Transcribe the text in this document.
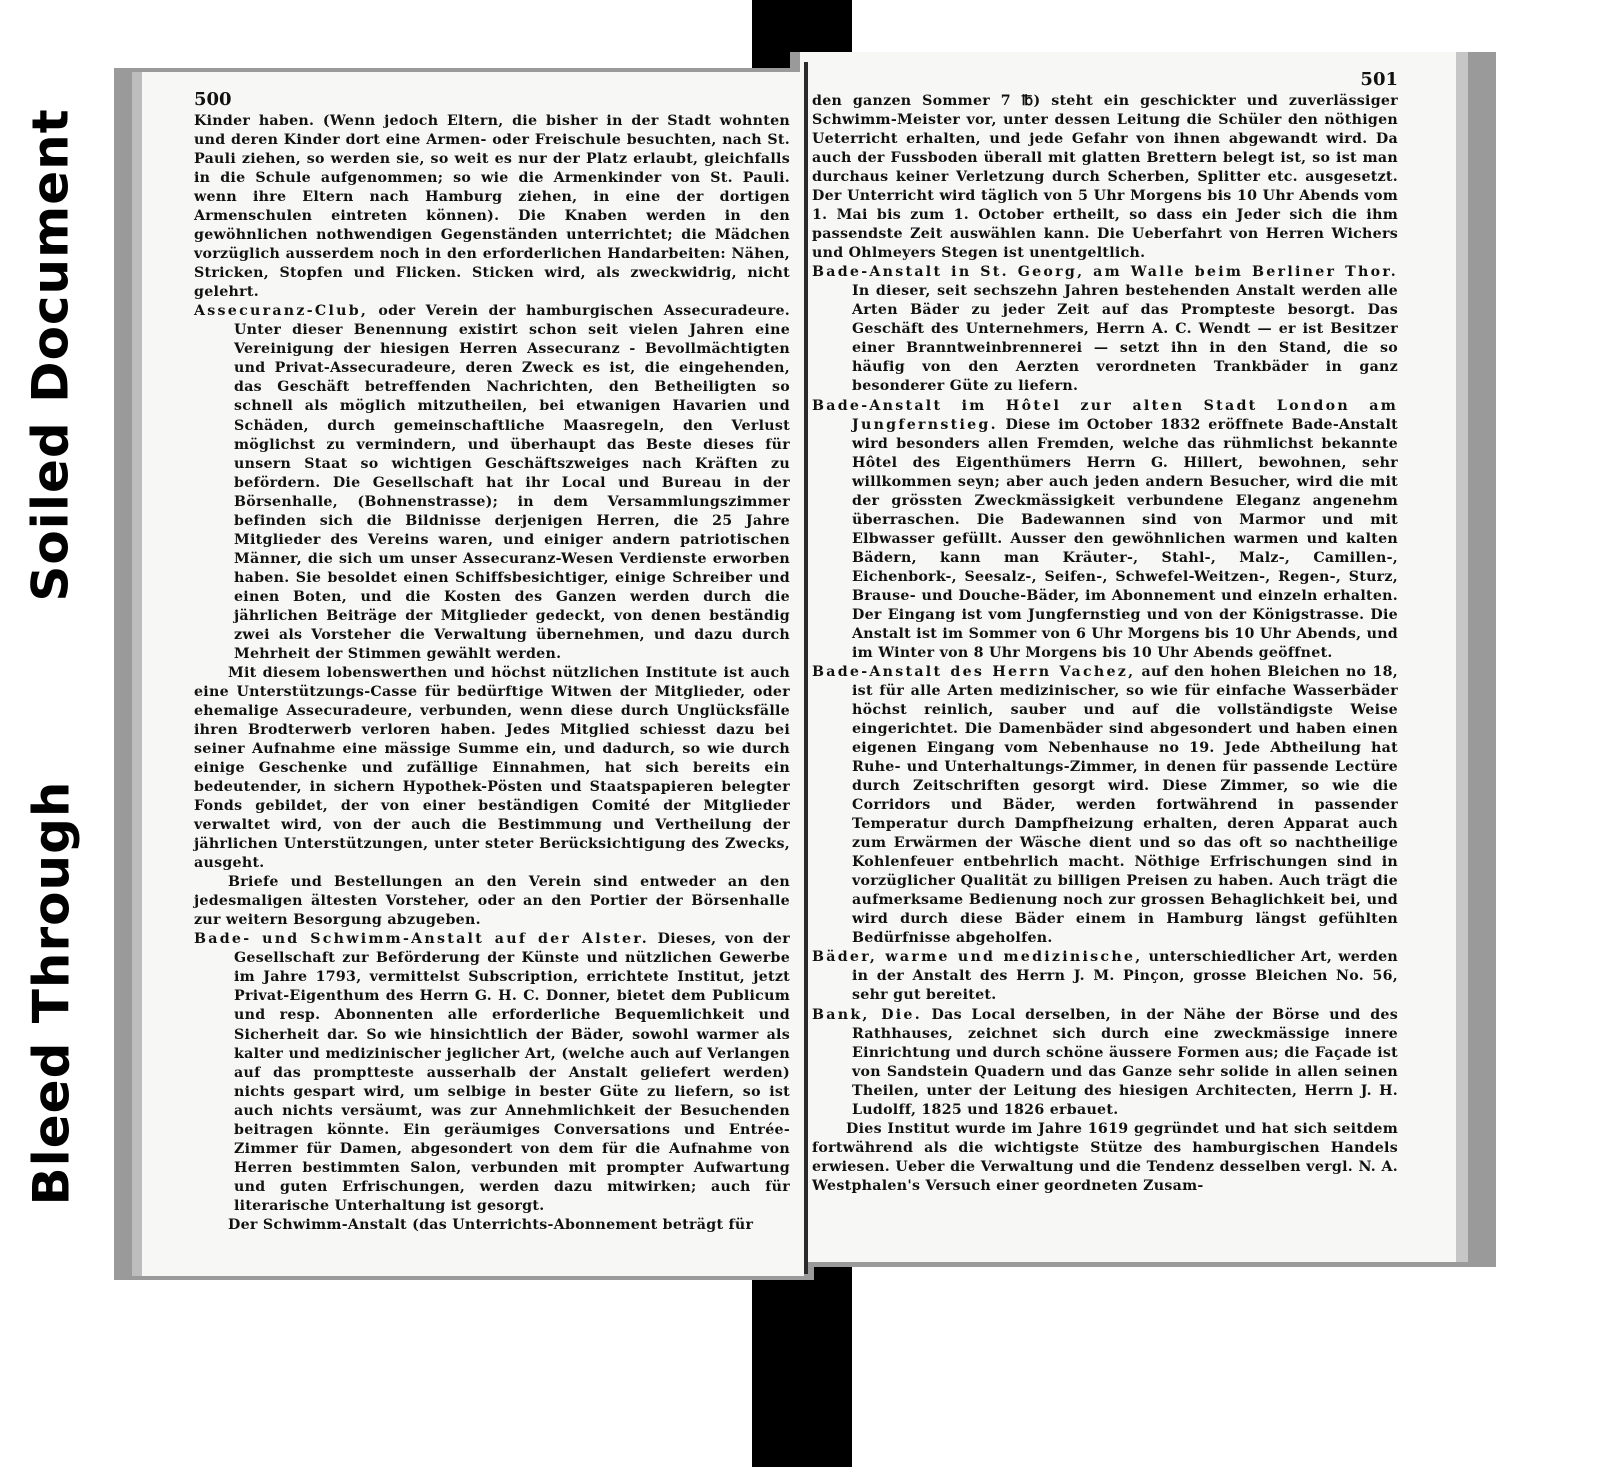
Soiled Document
Bleed Through
500

Kinder haben. (Wenn jedoch Eltern, die bisher in der Stadt wohnten und deren Kinder dort eine Armen- oder Freischule besuchten, nach St. Pauli ziehen, so werden sie, so weit es nur der Platz erlaubt, gleichfalls in die Schule aufgenommen; so wie die Armenkinder von St. Pauli. wenn ihre Eltern nach Hamburg ziehen, in eine der dortigen Armenschulen eintreten können). Die Knaben werden in den gewöhnlichen nothwendigen Gegenständen unterrichtet; die Mädchen vorzüglich ausserdem noch in den erforderlichen Handarbeiten: Nähen, Stricken, Stopfen und Flicken. Sticken wird, als zweckwidrig, nicht gelehrt.

Assecuranz-Club, oder Verein der hamburgischen Assecuradeure. Unter dieser Benennung existirt schon seit vielen Jahren eine Vereinigung der hiesigen Herren Assecuranz - Bevollmächtigten und Privat-Assecuradeure, deren Zweck es ist, die eingehenden, das Geschäft betreffenden Nachrichten, den Betheiligten so schnell als möglich mitzutheilen, bei etwanigen Havarien und Schäden, durch gemeinschaftliche Maasregeln, den Verlust möglichst zu vermindern, und überhaupt das Beste dieses für unsern Staat so wichtigen Geschäftszweiges nach Kräften zu befördern. Die Gesellschaft hat ihr Local und Bureau in der Börsenhalle, (Bohnenstrasse); in dem Versammlungszimmer befinden sich die Bildnisse derjenigen Herren, die 25 Jahre Mitglieder des Vereins waren, und einiger andern patriotischen Männer, die sich um unser Assecuranz-Wesen Verdienste erworben haben. Sie besoldet einen Schiffsbesichtiger, einige Schreiber und einen Boten, und die Kosten des Ganzen werden durch die jährlichen Beiträge der Mitglieder gedeckt, von denen beständig zwei als Vorsteher die Verwaltung übernehmen, und dazu durch Mehrheit der Stimmen gewählt werden.

Mit diesem lobenswerthen und höchst nützlichen Institute ist auch eine Unterstützungs-Casse für bedürftige Witwen der Mitglieder, oder ehemalige Assecuradeure, verbunden, wenn diese durch Unglücksfälle ihren Brodterwerb verloren haben. Jedes Mitglied schiesst dazu bei seiner Aufnahme eine mässige Summe ein, und dadurch, so wie durch einige Geschenke und zufällige Einnahmen, hat sich bereits ein bedeutender, in sichern Hypothek-Pösten und Staatspapieren belegter Fonds gebildet, der von einer beständigen Comité der Mitglieder verwaltet wird, von der auch die Bestimmung und Vertheilung der jährlichen Unterstützungen, unter steter Berücksichtigung des Zwecks, ausgeht.

Briefe und Bestellungen an den Verein sind entweder an den jedesmaligen ältesten Vorsteher, oder an den Portier der Börsenhalle zur weitern Besorgung abzugeben.

Bade- und Schwimm-Anstalt auf der Alster. Dieses, von der Gesellschaft zur Beförderung der Künste und nützlichen Gewerbe im Jahre 1793, vermittelst Subscription, errichtete Institut, jetzt Privat-Eigenthum des Herrn G. H. C. Donner, bietet dem Publicum und resp. Abonnenten alle erforderliche Bequemlichkeit und Sicherheit dar. So wie hinsichtlich der Bäder, sowohl warmer als kalter und medizinischer jeglicher Art, (welche auch auf Verlangen auf das promptteste ausserhalb der Anstalt geliefert werden) nichts gespart wird, um selbige in bester Güte zu liefern, so ist auch nichts versäumt, was zur Annehmlichkeit der Besuchenden beitragen könnte. Ein geräumiges Conversations und Entrée-Zimmer für Damen, abgesondert von dem für die Aufnahme von Herren bestimmten Salon, verbunden mit prompter Aufwartung und guten Erfrischungen, werden dazu mitwirken; auch für literarische Unterhaltung ist gesorgt.

Der Schwimm-Anstalt (das Unterrichts-Abonnement beträgt für

501

den ganzen Sommer 7 ℔) steht ein geschickter und zuverlässiger Schwimm-Meister vor, unter dessen Leitung die Schüler den nöthigen Ueterricht erhalten, und jede Gefahr von ihnen abgewandt wird. Da auch der Fussboden überall mit glatten Brettern belegt ist, so ist man durchaus keiner Verletzung durch Scherben, Splitter etc. ausgesetzt. Der Unterricht wird täglich von 5 Uhr Morgens bis 10 Uhr Abends vom 1. Mai bis zum 1. October ertheilt, so dass ein Jeder sich die ihm passendste Zeit auswählen kann. Die Ueberfahrt von Herren Wichers und Ohlmeyers Stegen ist unentgeltlich.

Bade-Anstalt in St. Georg, am Walle beim Berliner Thor. In dieser, seit sechszehn Jahren bestehenden Anstalt werden alle Arten Bäder zu jeder Zeit auf das Promptestе besorgt. Das Geschäft des Unternehmers, Herrn A. C. Wendt — er ist Besitzer einer Branntweinbrennerei — setzt ihn in den Stand, die so häufig von den Aerzten verordneten Trankbäder in ganz besonderer Güte zu liefern.

Bade-Anstalt im Hôtel zur alten Stadt London am Jungfernstieg. Diese im October 1832 eröffnete Bade-Anstalt wird besonders allen Fremden, welche das rühmlichst bekannte Hôtel des Eigenthümers Herrn G. Hillert, bewohnen, sehr willkommen seyn; aber auch jeden andern Besucher, wird die mit der grössten Zweckmässigkeit verbundene Eleganz angenehm überraschen. Die Badewannen sind von Marmor und mit Elbwasser gefüllt. Ausser den gewöhnlichen warmen und kalten Bädern, kann man Kräuter-, Stahl-, Malz-, Camillen-, Eichenbork-, Seesalz-, Seifen-, Schwefel-Weitzen-, Regen-, Sturz, Brause- und Douche-Bäder, im Abonnement und einzeln erhalten. Der Eingang ist vom Jungfernstieg und von der Königstrasse. Die Anstalt ist im Sommer von 6 Uhr Morgens bis 10 Uhr Abends, und im Winter von 8 Uhr Morgens bis 10 Uhr Abends geöffnet.

Bade-Anstalt des Herrn Vachez, auf den hohen Bleichen no 18, ist für alle Arten medizinischer, so wie für einfache Wasserbäder höchst reinlich, sauber und auf die vollständigste Weise eingerichtet. Die Damenbäder sind abgesondert und haben einen eigenen Eingang vom Nebenhause no 19. Jede Abtheilung hat Ruhe- und Unterhaltungs-Zimmer, in denen für passende Lectüre durch Zeitschriften gesorgt wird. Diese Zimmer, so wie die Corridors und Bäder, werden fortwährend in passender Temperatur durch Dampfheizung erhalten, deren Apparat auch zum Erwärmen der Wäsche dient und so das oft so nachtheilige Kohlenfeuer entbehrlich macht. Nöthige Erfrischungen sind in vorzüglicher Qualität zu billigen Preisen zu haben. Auch trägt die aufmerksame Bedienung noch zur grossen Behaglichkeit bei, und wird durch diese Bäder einem in Hamburg längst gefühlten Bedürfnisse abgeholfen.

Bäder, warme und medizinische, unterschiedlicher Art, werden in der Anstalt des Herrn J. M. Pinçon, grosse Bleichen No. 56, sehr gut bereitet.

Bank, Die. Das Local derselben, in der Nähe der Börse und des Rathhauses, zeichnet sich durch eine zweckmässige innere Einrichtung und durch schöne äussere Formen aus; die Façade ist von Sandstein Quadern und das Ganze sehr solide in allen seinen Theilen, unter der Leitung des hiesigen Architecten, Herrn J. H. Ludolff, 1825 und 1826 erbauet.

Dies Institut wurde im Jahre 1619 gegründet und hat sich seitdem fortwährend als die wichtigste Stütze des hamburgischen Handels erwiesen. Ueber die Verwaltung und die Tendenz desselben vergl. N. A. Westphalen's Versuch einer geordneten Zusam-
